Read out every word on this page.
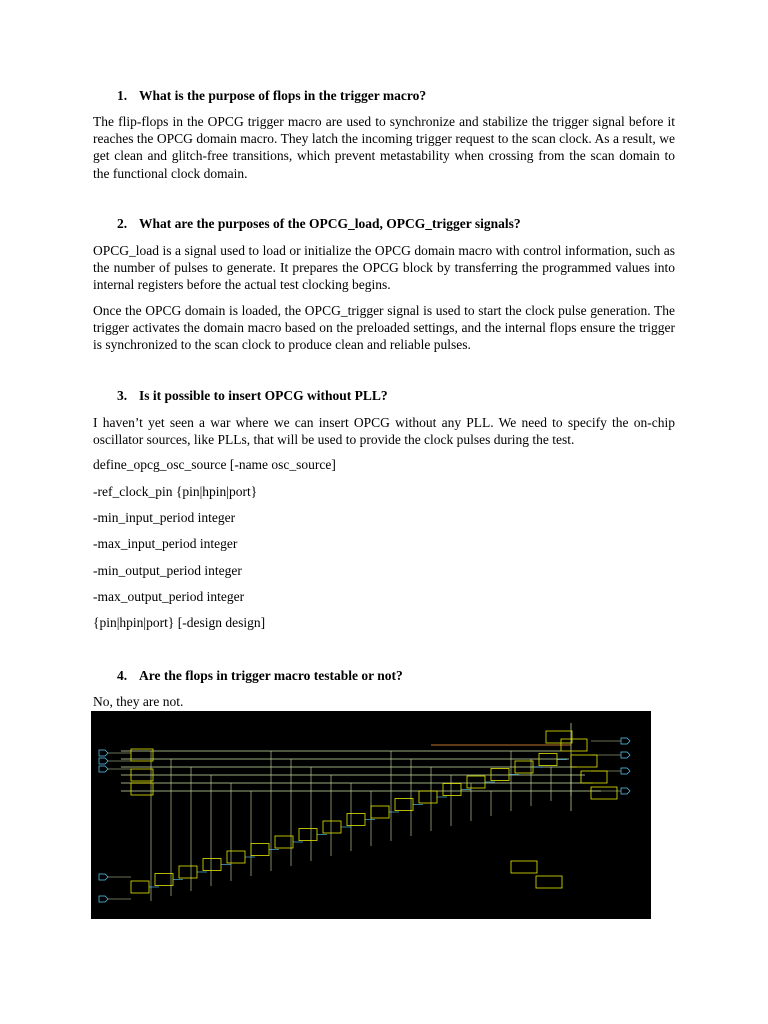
1. What is the purpose of flops in the trigger macro?

The flip-flops in the OPCG trigger macro are used to synchronize and stabilize the trigger signal before it reaches the OPCG domain macro. They latch the incoming trigger request to the scan clock. As a result, we get clean and glitch-free transitions, which prevent metastability when crossing from the scan domain to the functional clock domain.

2. What are the purposes of the OPCG_load, OPCG_trigger signals?

OPCG_load is a signal used to load or initialize the OPCG domain macro with control information, such as the number of pulses to generate. It prepares the OPCG block by transferring the programmed values into internal registers before the actual test clocking begins.

Once the OPCG domain is loaded, the OPCG_trigger signal is used to start the clock pulse generation. The trigger activates the domain macro based on the preloaded settings, and the internal flops ensure the trigger is synchronized to the scan clock to produce clean and reliable pulses.

3. Is it possible to insert OPCG without PLL?

I haven’t yet seen a war where we can insert OPCG without any PLL. We need to specify the on-chip oscillator sources, like PLLs, that will be used to provide the clock pulses during the test.

define_opcg_osc_source [-name osc_source]
-ref_clock_pin {pin|hpin|port}
-min_input_period integer
-max_input_period integer
-min_output_period integer
-max_output_period integer
{pin|hpin|port} [-design design]
4. Are the flops in trigger macro testable or not?
No, they are not.
